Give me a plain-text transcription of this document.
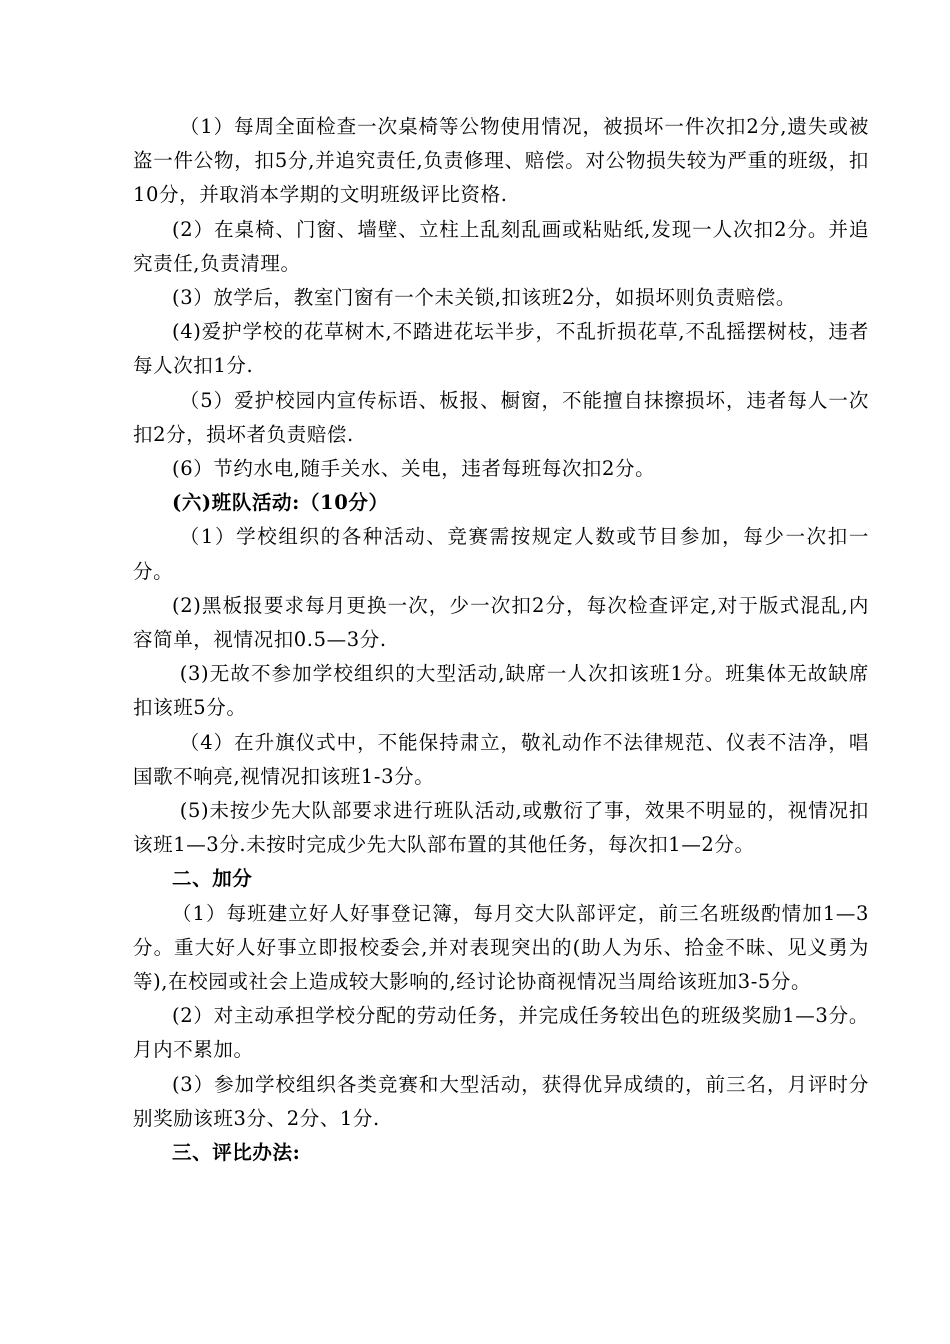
（1）每周全面检查一次桌椅等公物使用情况，被损坏一件次扣2分,遗失或被盗一件公物，扣5分,并追究责任,负责修理、赔偿。对公物损失较为严重的班级，扣10分，并取消本学期的文明班级评比资格.

(2）在桌椅、门窗、墙壁、立柱上乱刻乱画或粘贴纸,发现一人次扣2分。并追究责任,负责清理。

(3）放学后，教室门窗有一个未关锁,扣该班2分，如损坏则负责赔偿。

(4)爱护学校的花草树木,不踏进花坛半步，不乱折损花草,不乱摇摆树枝，违者每人次扣1分.

（5）爱护校园内宣传标语、板报、橱窗，不能擅自抹擦损坏，违者每人一次扣2分，损坏者负责赔偿.

(6）节约水电,随手关水、关电，违者每班每次扣2分。

(六)班队活动:（10分）

（1）学校组织的各种活动、竞赛需按规定人数或节目参加，每少一次扣一分。

(2)黑板报要求每月更换一次，少一次扣2分，每次检查评定,对于版式混乱,内容简单，视情况扣0.5—3分.

(3)无故不参加学校组织的大型活动,缺席一人次扣该班1分。班集体无故缺席扣该班5分。

（4）在升旗仪式中，不能保持肃立，敬礼动作不法律规范、仪表不洁净，唱国歌不响亮,视情况扣该班1-3分。

(5)未按少先大队部要求进行班队活动,或敷衍了事，效果不明显的，视情况扣该班1—3分.未按时完成少先大队部布置的其他任务，每次扣1—2分。

二、加分

（1）每班建立好人好事登记簿，每月交大队部评定，前三名班级酌情加1—3分。重大好人好事立即报校委会,并对表现突出的(助人为乐、拾金不昧、见义勇为等),在校园或社会上造成较大影响的,经讨论协商视情况当周给该班加3-5分。

(2）对主动承担学校分配的劳动任务，并完成任务较出色的班级奖励1—3分。月内不累加。

(3）参加学校组织各类竞赛和大型活动，获得优异成绩的，前三名，月评时分别奖励该班3分、2分、1分.

三、评比办法:
